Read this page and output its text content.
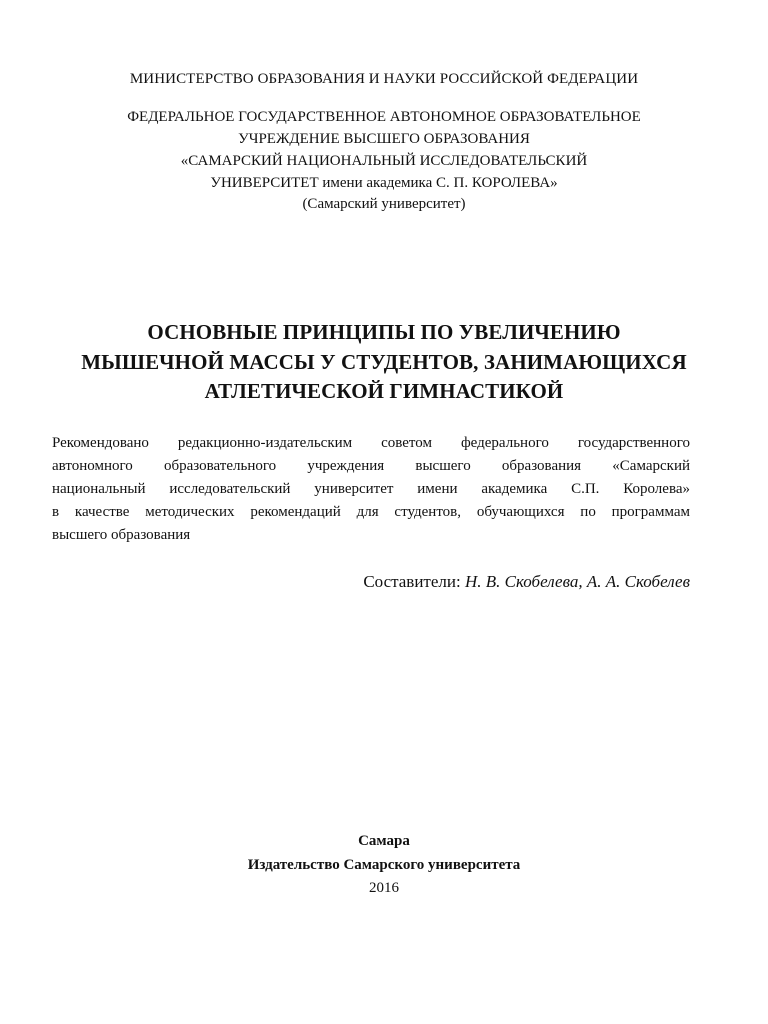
МИНИСТЕРСТВО ОБРАЗОВАНИЯ И НАУКИ РОССИЙСКОЙ ФЕДЕРАЦИИ
ФЕДЕРАЛЬНОЕ ГОСУДАРСТВЕННОЕ АВТОНОМНОЕ ОБРАЗОВАТЕЛЬНОЕ
УЧРЕЖДЕНИЕ ВЫСШЕГО ОБРАЗОВАНИЯ
«САМАРСКИЙ НАЦИОНАЛЬНЫЙ ИССЛЕДОВАТЕЛЬСКИЙ
УНИВЕРСИТЕТ имени академика С. П. КОРОЛЕВА»
(Самарский университет)
ОСНОВНЫЕ ПРИНЦИПЫ ПО УВЕЛИЧЕНИЮ
МЫШЕЧНОЙ МАССЫ У СТУДЕНТОВ, ЗАНИМАЮЩИХСЯ
АТЛЕТИЧЕСКОЙ ГИМНАСТИКОЙ
Рекомендовано редакционно-издательским советом федерального государственного
автономного образовательного учреждения высшего образования «Самарский
национальный исследовательский университет имени академика С.П. Королева»
в качестве методических рекомендаций для студентов, обучающихся по программам
высшего образования
Составители: Н. В. Скобелева, А. А. Скобелев
Самара
Издательство Самарского университета
2016
